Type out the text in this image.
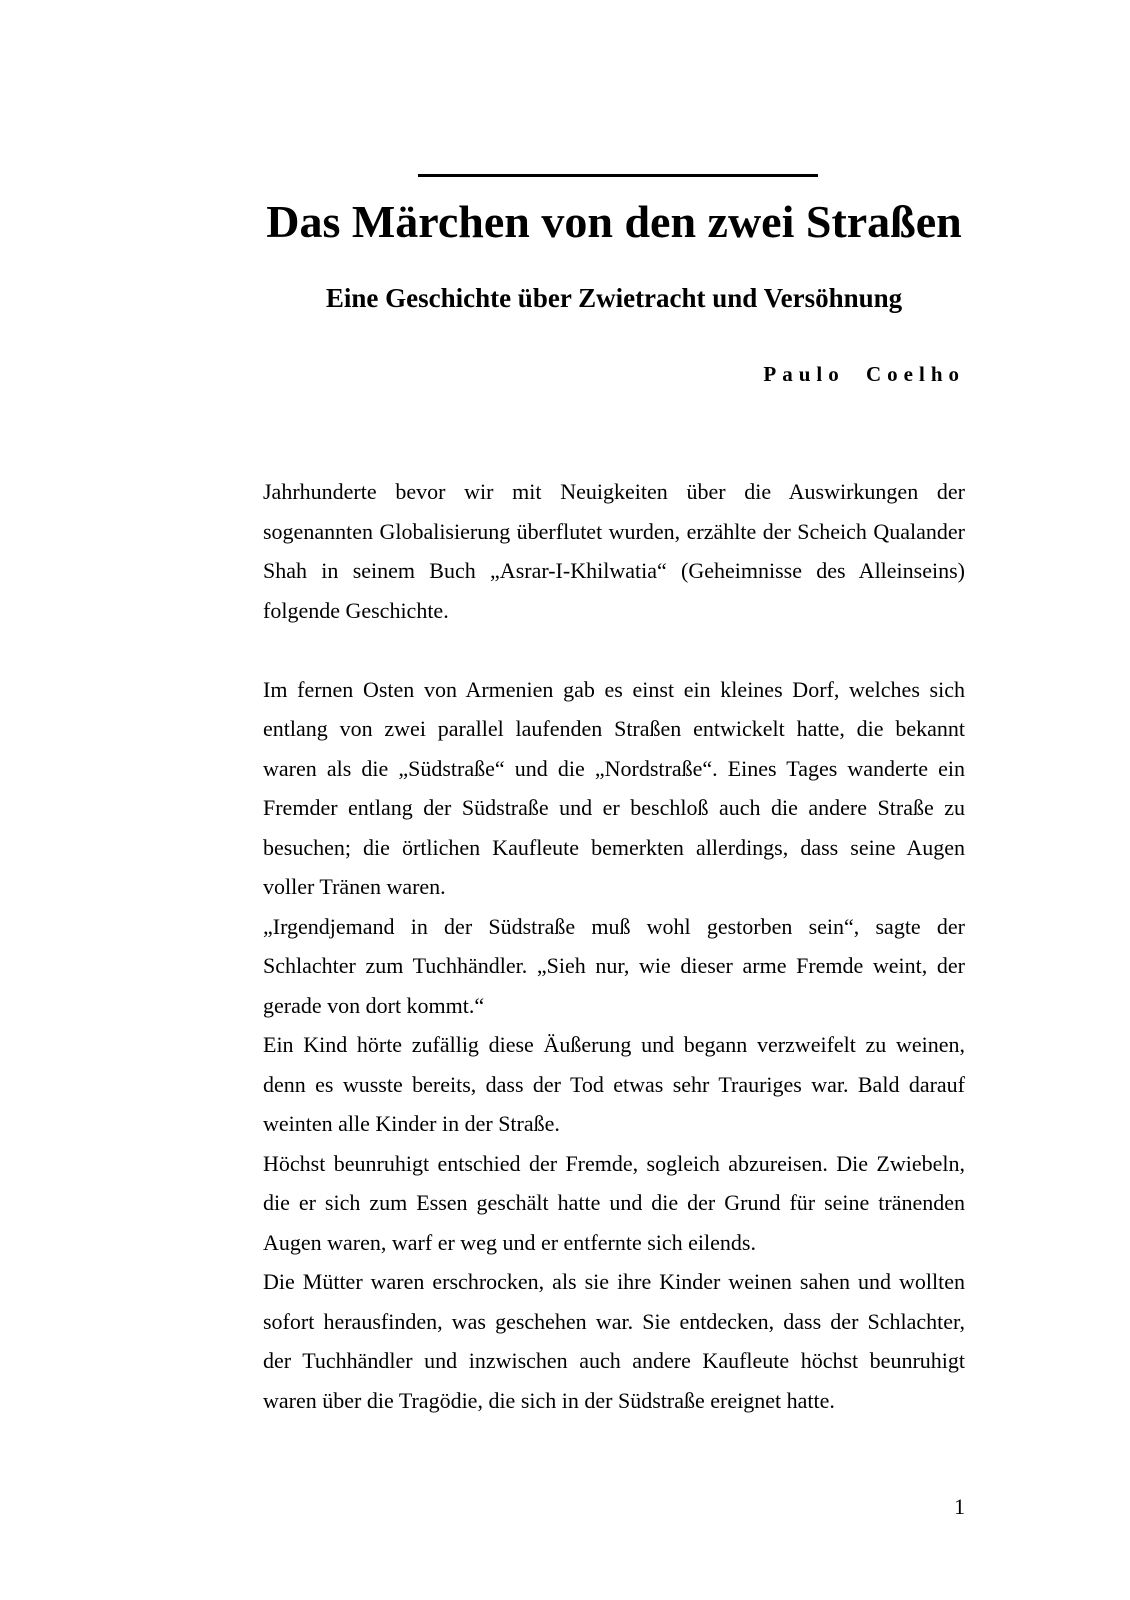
Das Märchen von den zwei Straßen
Eine Geschichte über Zwietracht und Versöhnung
Paulo Coelho

Jahrhunderte bevor wir mit Neuigkeiten über die Auswirkungen der sogenannten Globalisierung überflutet wurden, erzählte der Scheich Qualander Shah in seinem Buch „Asrar-I-Khilwatia“ (Geheimnisse des Alleinseins) folgende Geschichte.

Im fernen Osten von Armenien gab es einst ein kleines Dorf, welches sich entlang von zwei parallel laufenden Straßen entwickelt hatte, die bekannt waren als die „Südstraße“ und die „Nordstraße“. Eines Tages wanderte ein Fremder entlang der Südstraße und er beschloß auch die andere Straße zu besuchen; die örtlichen Kaufleute bemerkten allerdings, dass seine Augen voller Tränen waren.

„Irgendjemand in der Südstraße muß wohl gestorben sein“, sagte der Schlachter zum Tuchhändler. „Sieh nur, wie dieser arme Fremde weint, der gerade von dort kommt.“

Ein Kind hörte zufällig diese Äußerung und begann verzweifelt zu weinen, denn es wusste bereits, dass der Tod etwas sehr Trauriges war. Bald darauf weinten alle Kinder in der Straße.

Höchst beunruhigt entschied der Fremde, sogleich abzureisen. Die Zwiebeln, die er sich zum Essen geschält hatte und die der Grund für seine tränenden Augen waren, warf er weg und er entfernte sich eilends.

Die Mütter waren erschrocken, als sie ihre Kinder weinen sahen und wollten sofort herausfinden, was geschehen war. Sie entdecken, dass der Schlachter, der Tuchhändler und inzwischen auch andere Kaufleute höchst beunruhigt waren über die Tragödie, die sich in der Südstraße ereignet hatte.

1
